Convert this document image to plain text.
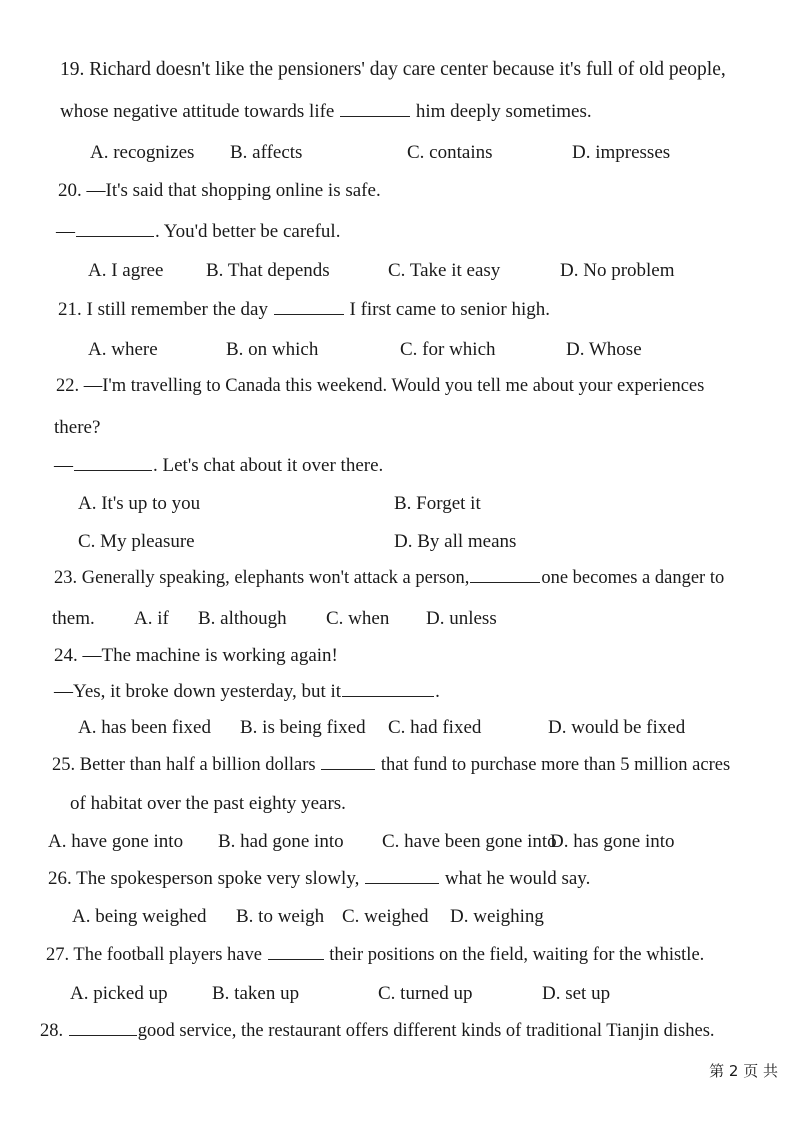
19. Richard doesn't like the pensioners' day care center because it's full of old people,
whose negative attitude towards life	him deeply sometimes.
A. recognizes B. affects	C. contains	D. impresses
20. —It's said that shopping online is safe.
—	. You'd better be careful.
A. I agree B. That depends	C. Take it easy	D. No problem
21. I still remember the day	I first came to senior high.
A. where	B. on which	C. for which	D. Whose
22. —I'm travelling to Canada this weekend. Would you tell me about your experiences
there?
—	. Let's chat about it over there.
A. It's up to you	B. Forget it
C. My pleasure	D. By all means
23. Generally speaking, elephants won't attack a person,	one becomes a danger to
them. A. if B. although C. when D. unless
24. —The machine is working again!
—Yes, it broke down yesterday, but it	.
A. has been fixed B. is being fixed C. had fixed	D. would be fixed
25. Better than half a billion dollars	that fund to purchase more than 5 million acres
of habitat over the past eighty years.
A. have gone into B. had gone into C. have been gone into
D. has gone into
26. The spokesperson spoke very slowly,	what he would say.
A. being weighed B. to weigh C. weighed D. weighing
27. The football players have	their positions on the field, waiting for the whistle.
A. picked up B. taken up	C. turned up	D. set up
28.	good service, the restaurant offers different kinds of traditional Tianjin dishes.
第 2 页 共
